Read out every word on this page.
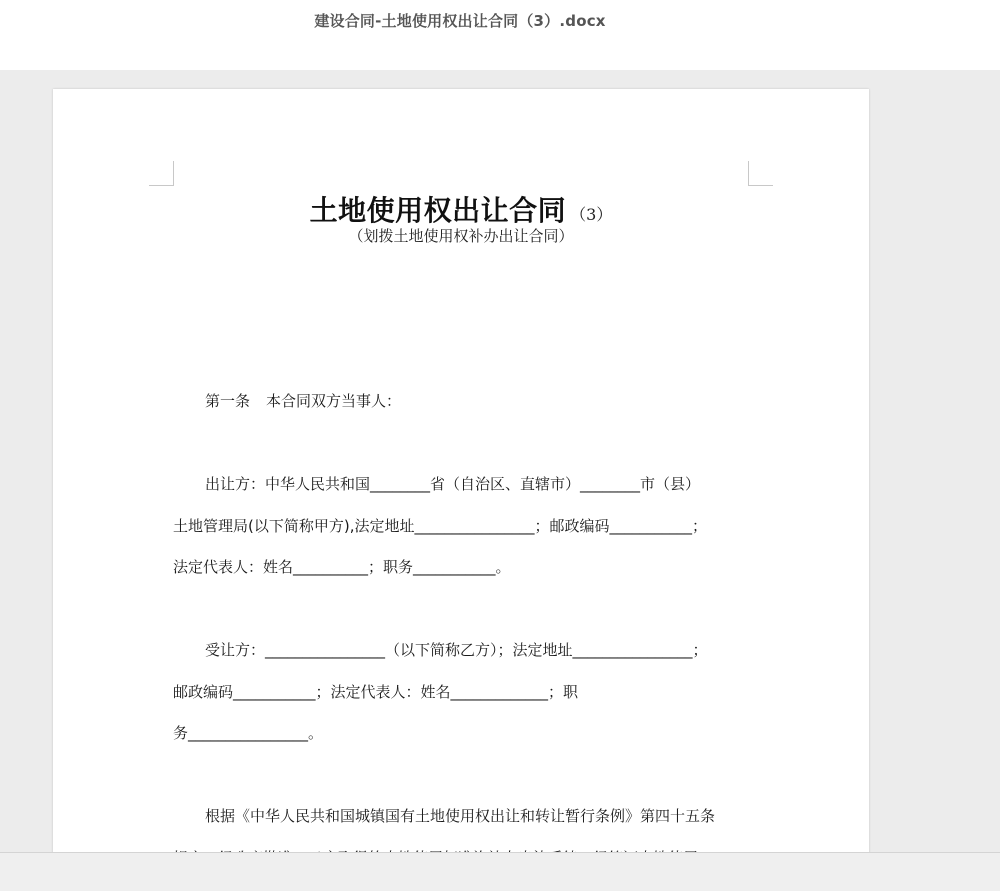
建设合同-土地使用权出让合同（3）.docx
土地使用权出让合同 （3）
（划拨土地使用权补办出让合同）
第一条 本合同双方当事人：
出让方：中华人民共和国________省（自治区、直辖市）________市（县）
土地管理局(以下简称甲方),法定地址________________；邮政编码___________；
法定代表人：姓名__________；职务___________。
受让方：________________（以下简称乙方）；法定地址________________；
邮政编码___________；法定代表人：姓名_____________；职
务________________。
根据《中华人民共和国城镇国有土地使用权出让和转让暂行条例》第四十五条
